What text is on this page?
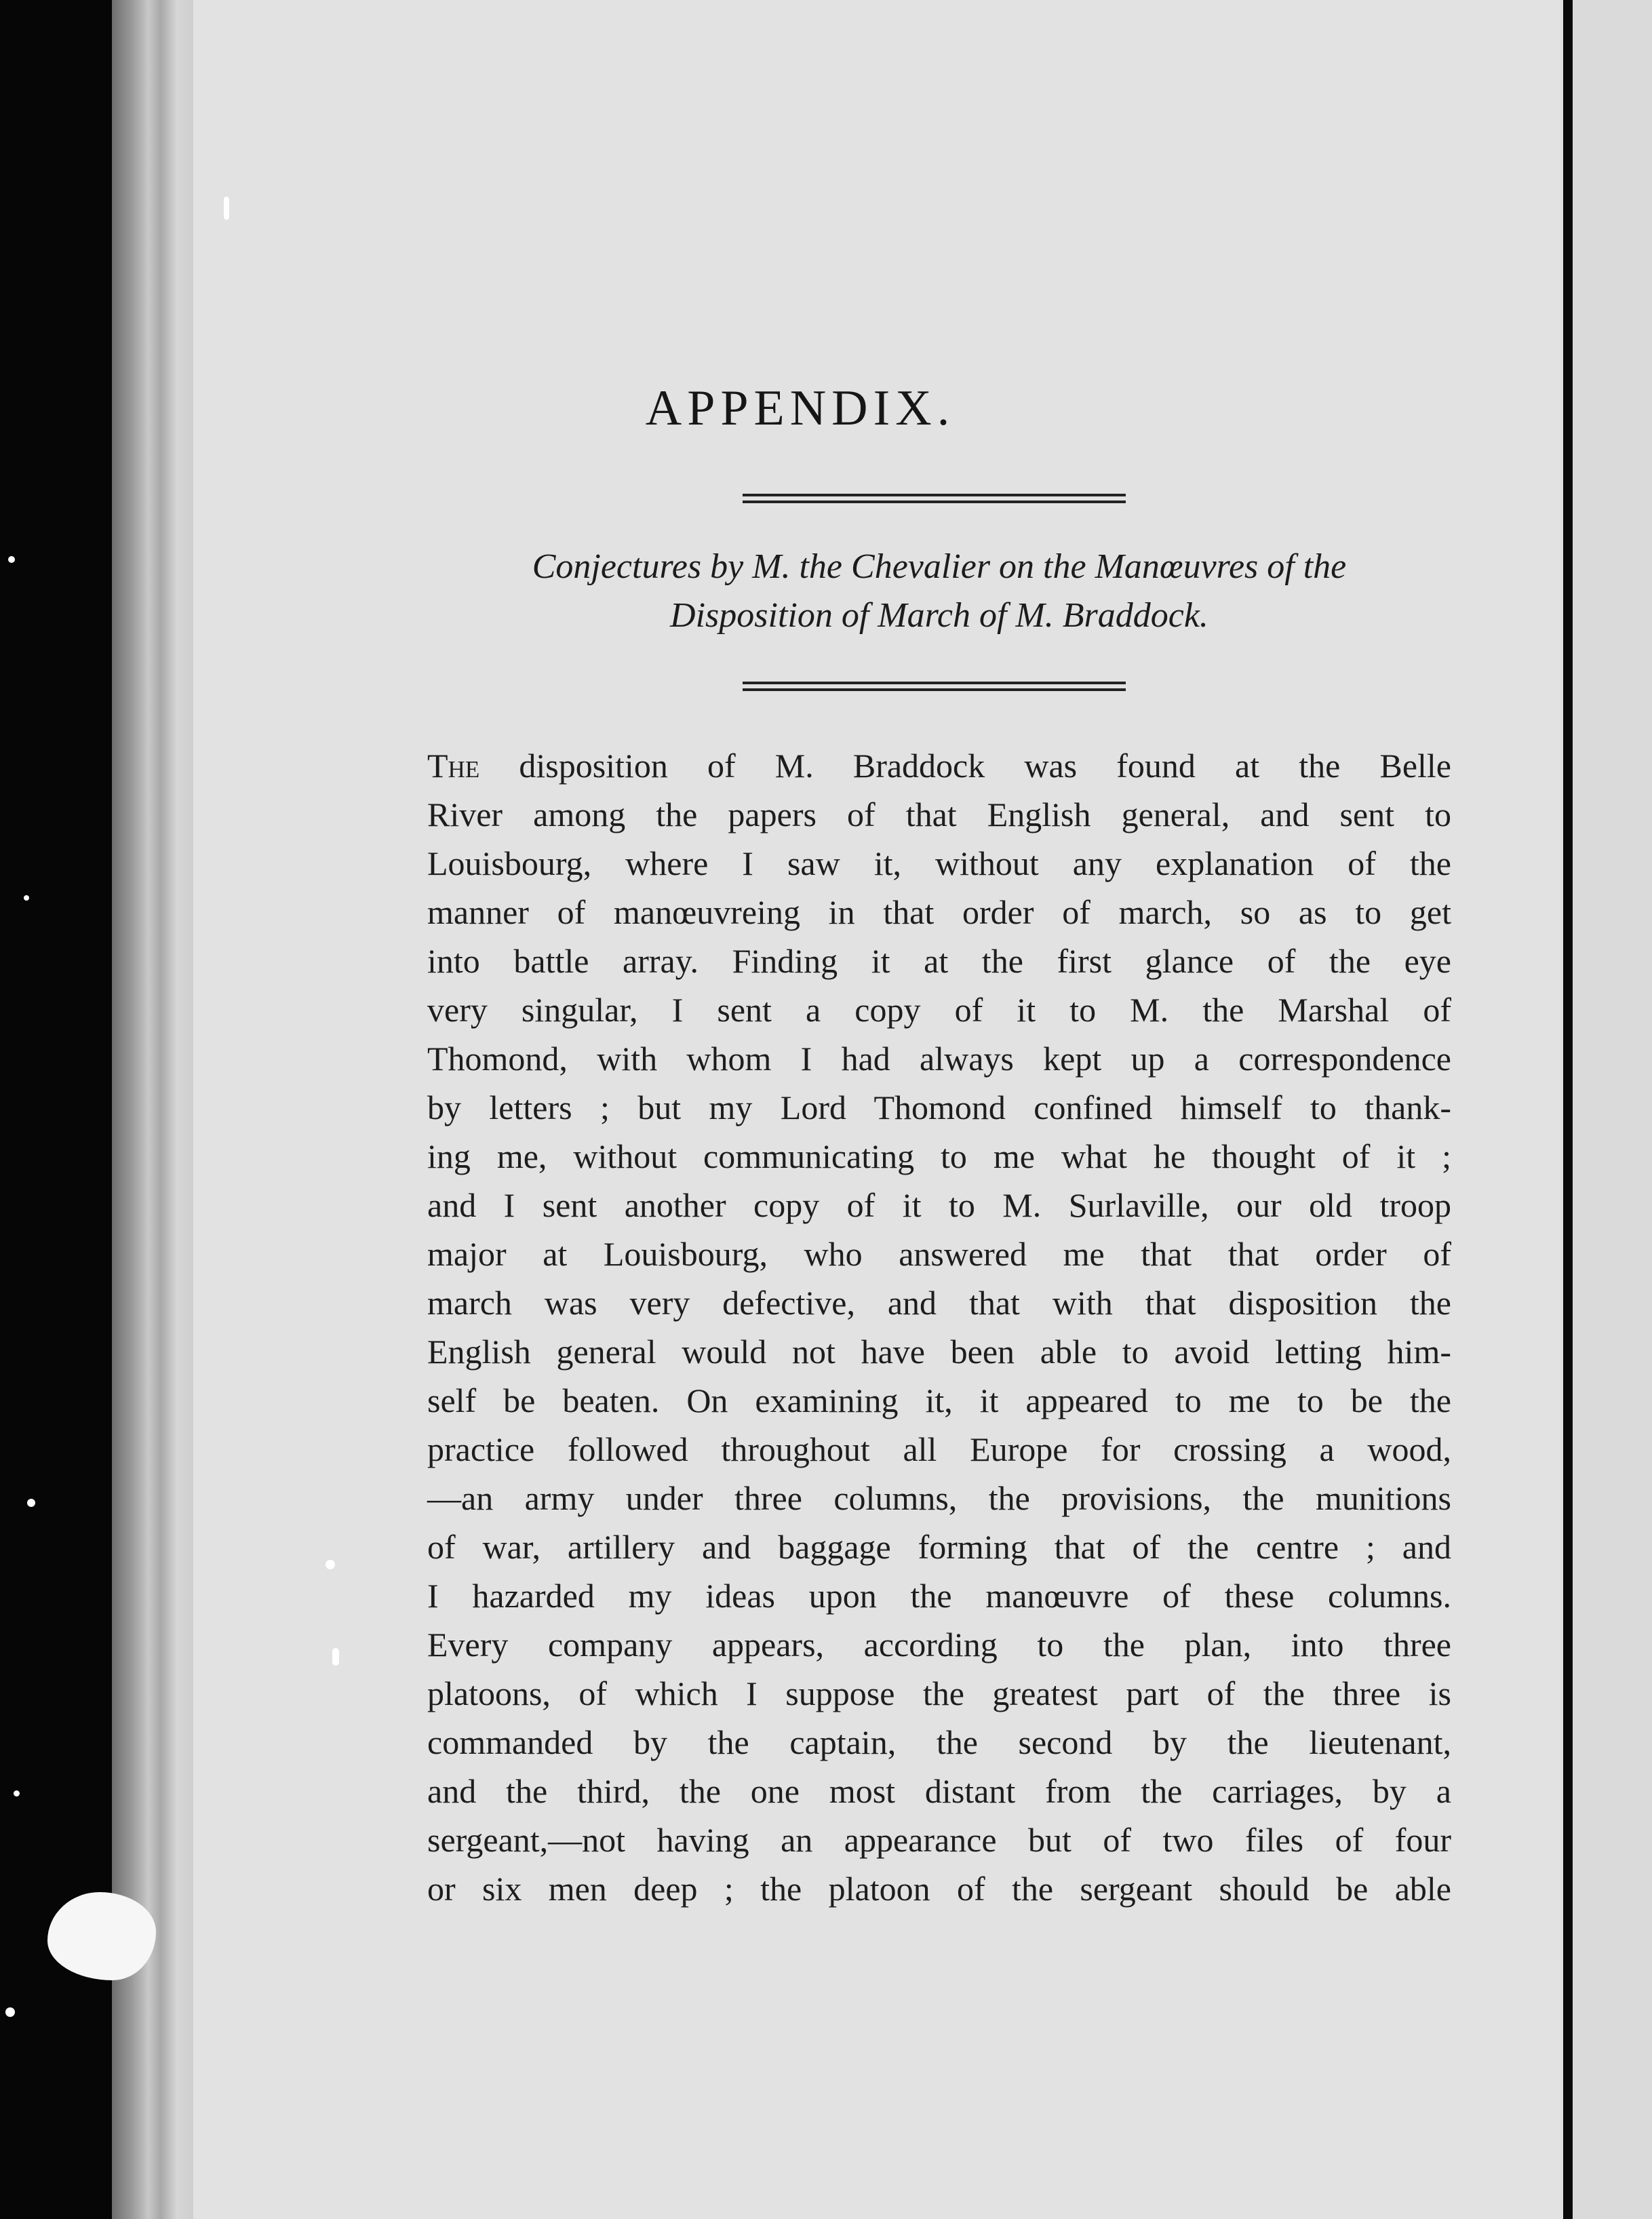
APPENDIX.
Conjectures by M. the Chevalier on the Manœuvres of the
Disposition of March of M. Braddock.
The disposition of M. Braddock was found at the Belle
River among the papers of that English general, and sent to
Louisbourg, where I saw it, without any explanation of the
manner of manœuvreing in that order of march, so as to get
into battle array. Finding it at the first glance of the eye
very singular, I sent a copy of it to M. the Marshal of
Thomond, with whom I had always kept up a correspondence
by letters ; but my Lord Thomond confined himself to thank-
ing me, without communicating to me what he thought of it ;
and I sent another copy of it to M. Surlaville, our old troop
major at Louisbourg, who answered me that that order of
march was very defective, and that with that disposition the
English general would not have been able to avoid letting him-
self be beaten. On examining it, it appeared to me to be the
practice followed throughout all Europe for crossing a wood,
—an army under three columns, the provisions, the munitions
of war, artillery and baggage forming that of the centre ; and
I hazarded my ideas upon the manœuvre of these columns.
Every company appears, according to the plan, into three
platoons, of which I suppose the greatest part of the three is
commanded by the captain, the second by the lieutenant,
and the third, the one most distant from the carriages, by a
sergeant,—not having an appearance but of two files of four
or six men deep ; the platoon of the sergeant should be able
